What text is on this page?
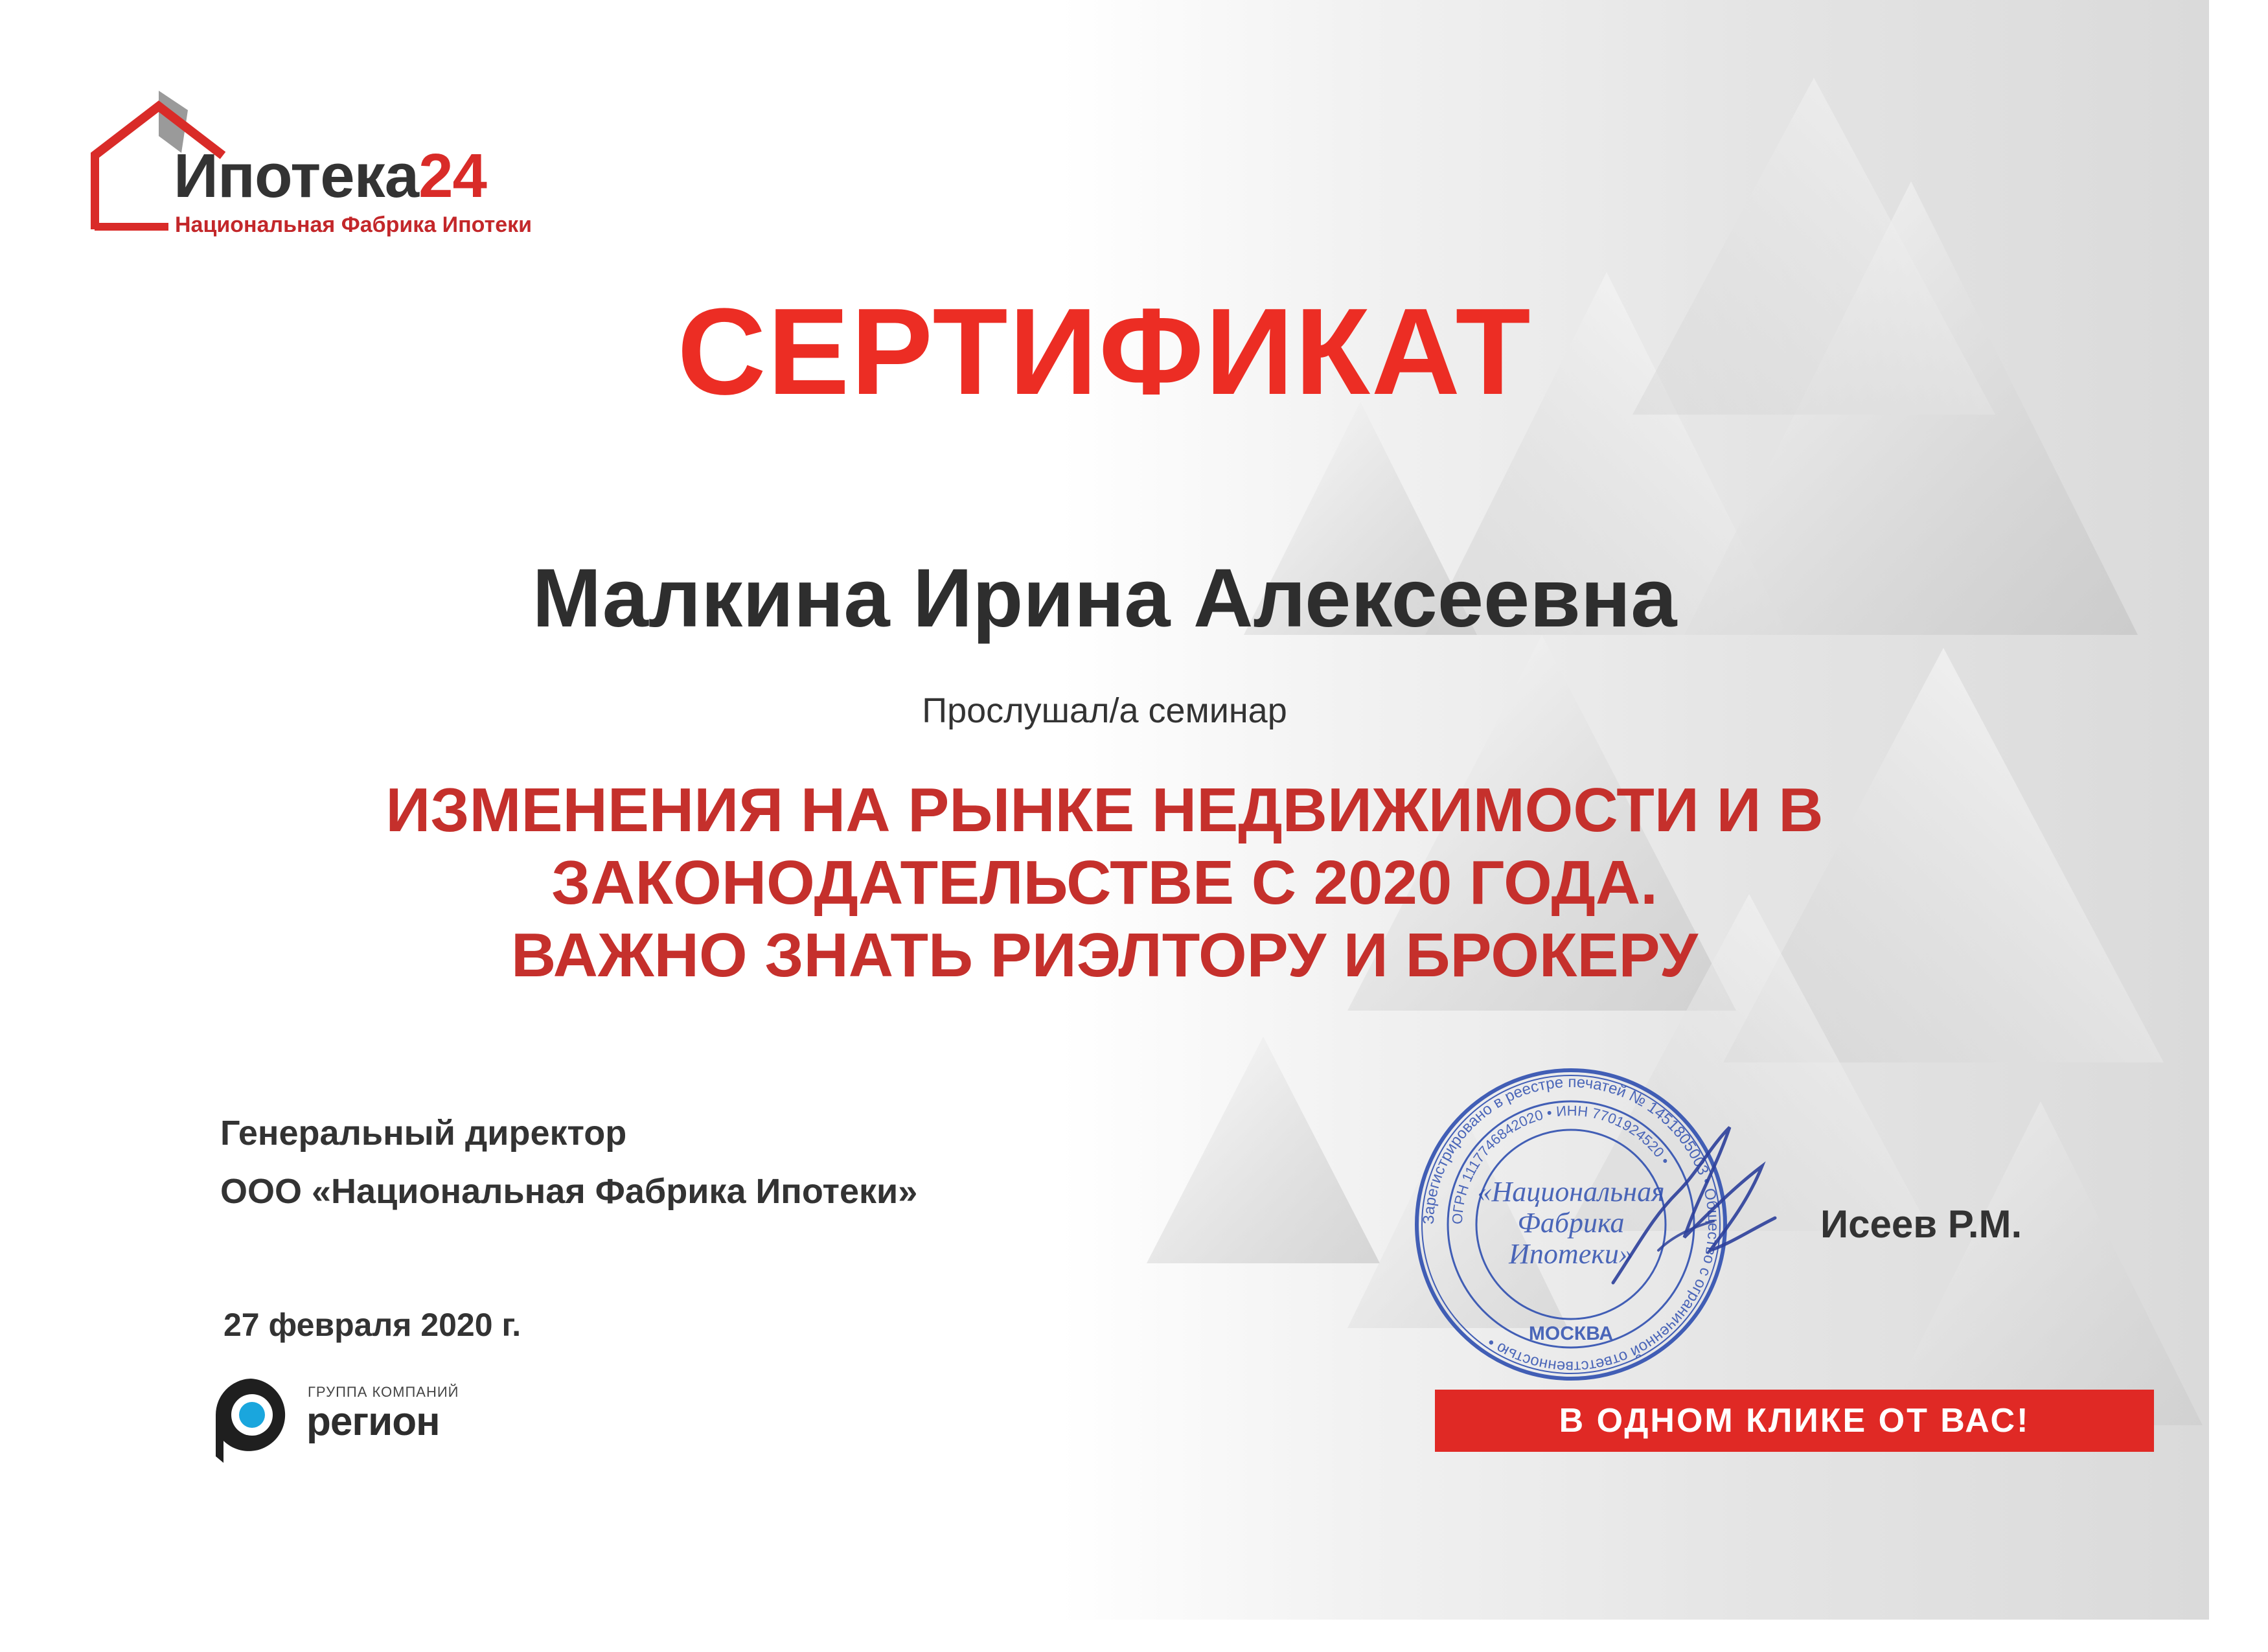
Ипотека24
Национальная Фабрика Ипотеки
СЕРТИФИКАТ
Малкина Ирина Алексеевна
Прослушал/а семинар
ИЗМЕНЕНИЯ НА РЫНКЕ НЕДВИЖИМОСТИ И В
ЗАКОНОДАТЕЛЬСТВЕ С 2020 ГОДА.
ВАЖНО ЗНАТЬ РИЭЛТОРУ И БРОКЕРУ
Генеральный директор
ООО «Национальная Фабрика Ипотеки»
27 февраля 2020 г.
ГРУППА КОМПАНИЙ
регион
Зарегистрировано в реестре печатей № 1451805003 • Общество с ограниченной ответственностью •
ОГРН 1117746842020 • ИНН 7701924520 •
«Национальная
Фабрика
Ипотеки»
МОСКВА
Исеев Р.М.
В ОДНОМ КЛИКЕ ОТ ВАС!
